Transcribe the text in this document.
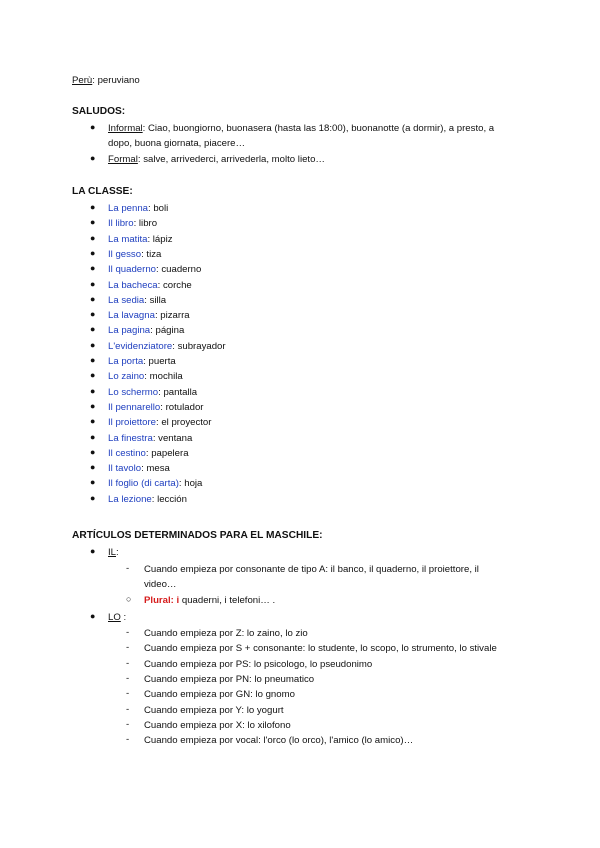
Perù: peruviano
SALUDOS:
● Informal: Ciao, buongiorno, buonasera (hasta las 18:00), buonanotte (a dormir), a presto, a
dopo, buona giornata, piacere…
● Formal: salve, arrivederci, arrivederla, molto lieto…
LA CLASSE:
● La penna: boli
● Il libro: libro
● La matita: lápiz
● Il gesso: tiza
● Il quaderno: cuaderno
● La bacheca: corche
● La sedia: silla
● La lavagna: pizarra
● La pagina: página
● L'evidenziatore: subrayador
● La porta: puerta
● Lo zaino: mochila
● Lo schermo: pantalla
● Il pennarello: rotulador
● Il proiettore: el proyector
● La finestra: ventana
● Il cestino: papelera
● Il tavolo: mesa
● Il foglio (di carta): hoja
● La lezione: lección
ARTÍCULOS DETERMINADOS PARA EL MASCHILE:
● IL:
- Cuando empieza por consonante de tipo A: il banco, il quaderno, il proiettore, il
video…
○ Plural: i quaderni, i telefoni… .
● LO :
- Cuando empieza por Z: lo zaino, lo zio
- Cuando empieza por S + consonante: lo studente, lo scopo, lo strumento, lo stivale
- Cuando empieza por PS: lo psicologo, lo pseudonimo
- Cuando empieza por PN: lo pneumatico
- Cuando empieza por GN: lo gnomo
- Cuando empieza por Y: lo yogurt
- Cuando empieza por X: lo xilofono
- Cuando empieza por vocal: l'orco (lo orco), l'amico (lo amico)…
